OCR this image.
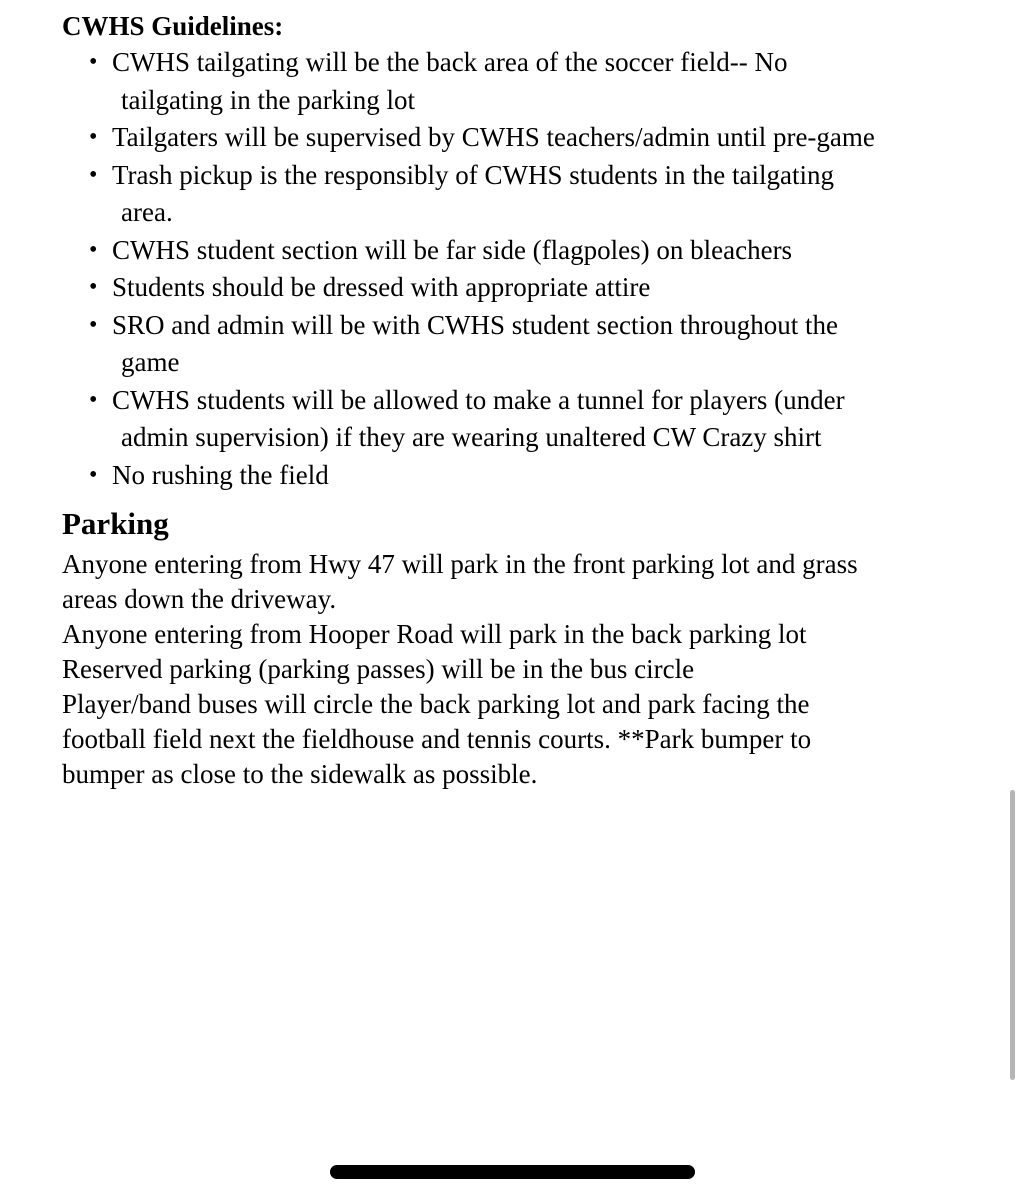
CWHS Guidelines:
• CWHS tailgating will be the back area of the soccer field-- No
tailgating in the parking lot
• Tailgaters will be supervised by CWHS teachers/admin until pre-game
• Trash pickup is the responsibly of CWHS students in the tailgating
area.
• CWHS student section will be far side (flagpoles) on bleachers
• Students should be dressed with appropriate attire
• SRO and admin will be with CWHS student section throughout the
game
• CWHS students will be allowed to make a tunnel for players (under
admin supervision) if they are wearing unaltered CW Crazy shirt
• No rushing the field
Parking
Anyone entering from Hwy 47 will park in the front parking lot and grass
areas down the driveway.
Anyone entering from Hooper Road will park in the back parking lot
Reserved parking (parking passes) will be in the bus circle
Player/band buses will circle the back parking lot and park facing the
football field next the fieldhouse and tennis courts. **Park bumper to
bumper as close to the sidewalk as possible.
